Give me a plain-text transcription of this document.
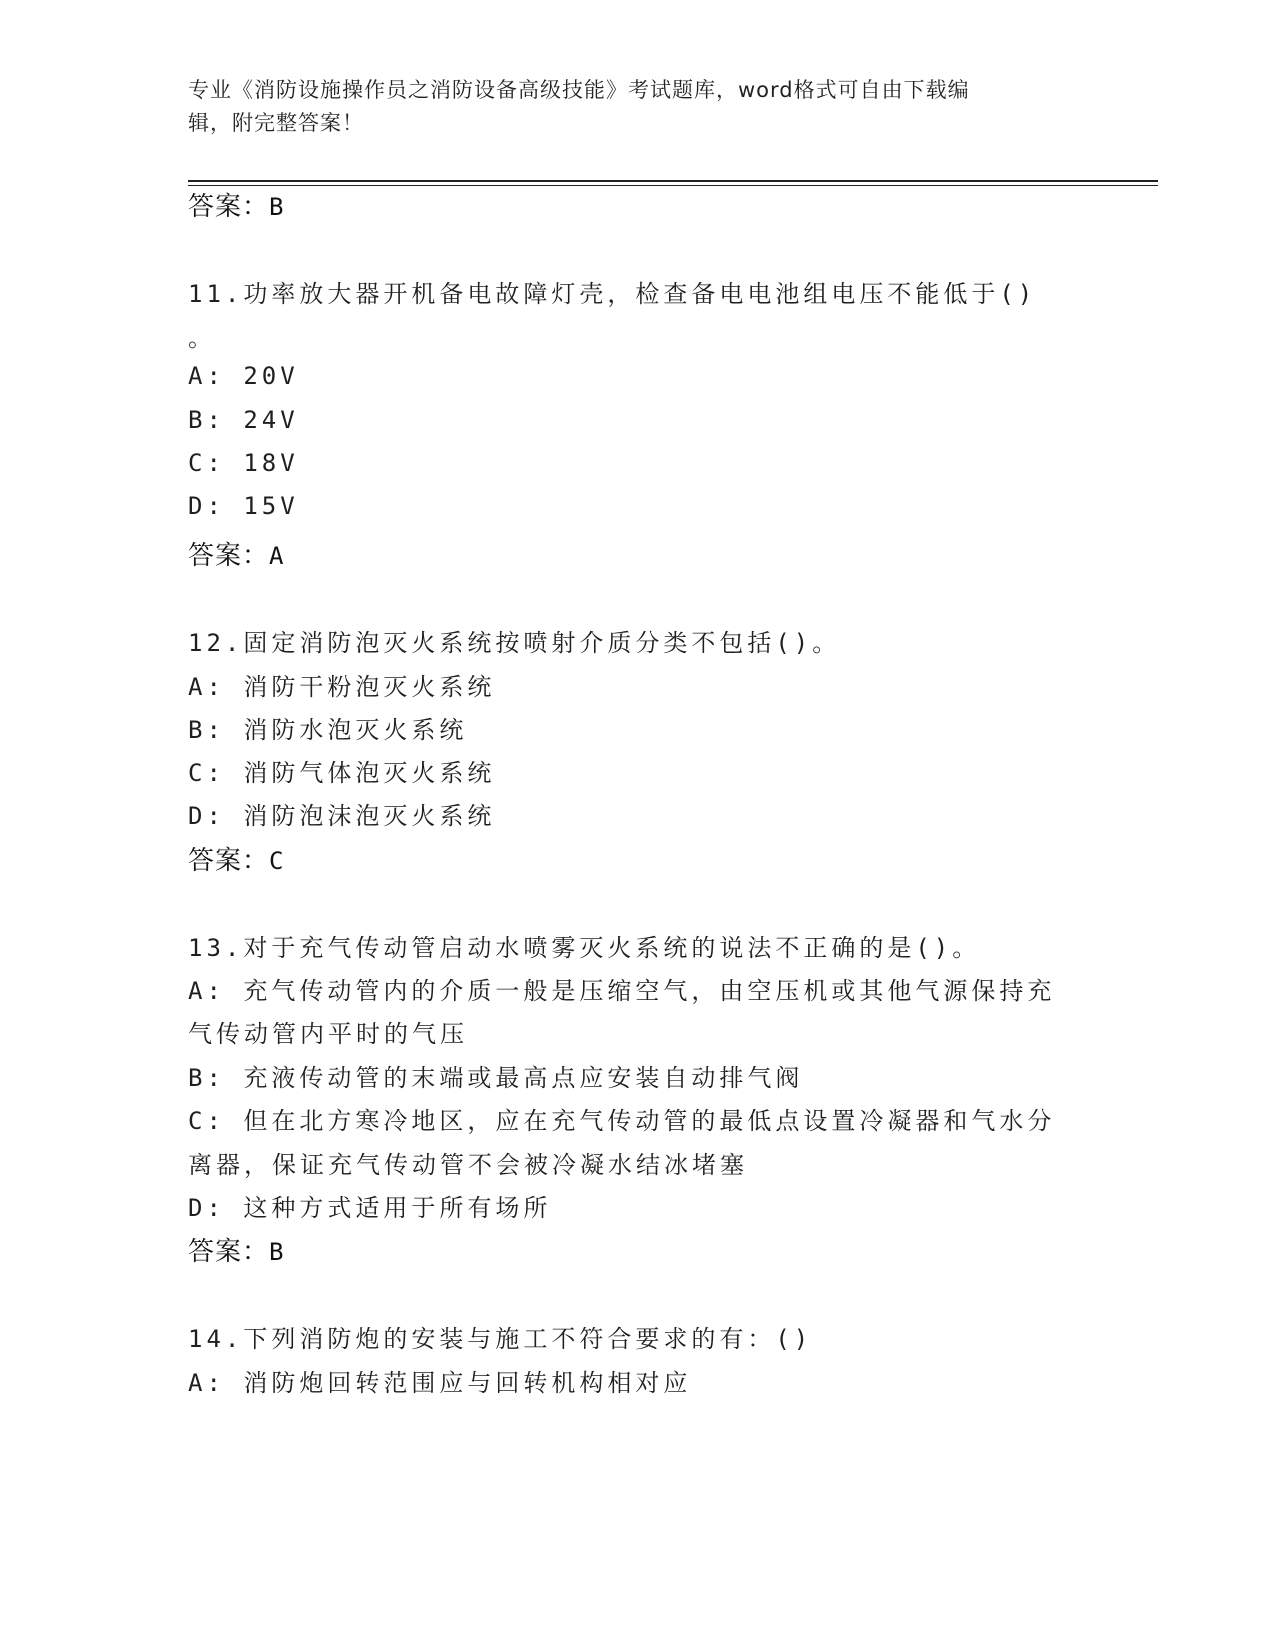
专业《消防设施操作员之消防设备高级技能》考试题库，word格式可自由下载编
辑，附完整答案！
答案：B
11.功率放大器开机备电故障灯壳，检查备电电池组电压不能低于()
。
A: 20V
B: 24V
C: 18V
D: 15V
答案：A
12.固定消防泡灭火系统按喷射介质分类不包括()。
A: 消防干粉泡灭火系统
B: 消防水泡灭火系统
C: 消防气体泡灭火系统
D: 消防泡沫泡灭火系统
答案：C
13.对于充气传动管启动水喷雾灭火系统的说法不正确的是()。
A: 充气传动管内的介质一般是压缩空气，由空压机或其他气源保持充
气传动管内平时的气压
B: 充液传动管的末端或最高点应安装自动排气阀
C: 但在北方寒冷地区，应在充气传动管的最低点设置冷凝器和气水分
离器，保证充气传动管不会被冷凝水结冰堵塞
D: 这种方式适用于所有场所
答案：B
14.下列消防炮的安装与施工不符合要求的有：()
A: 消防炮回转范围应与回转机构相对应
